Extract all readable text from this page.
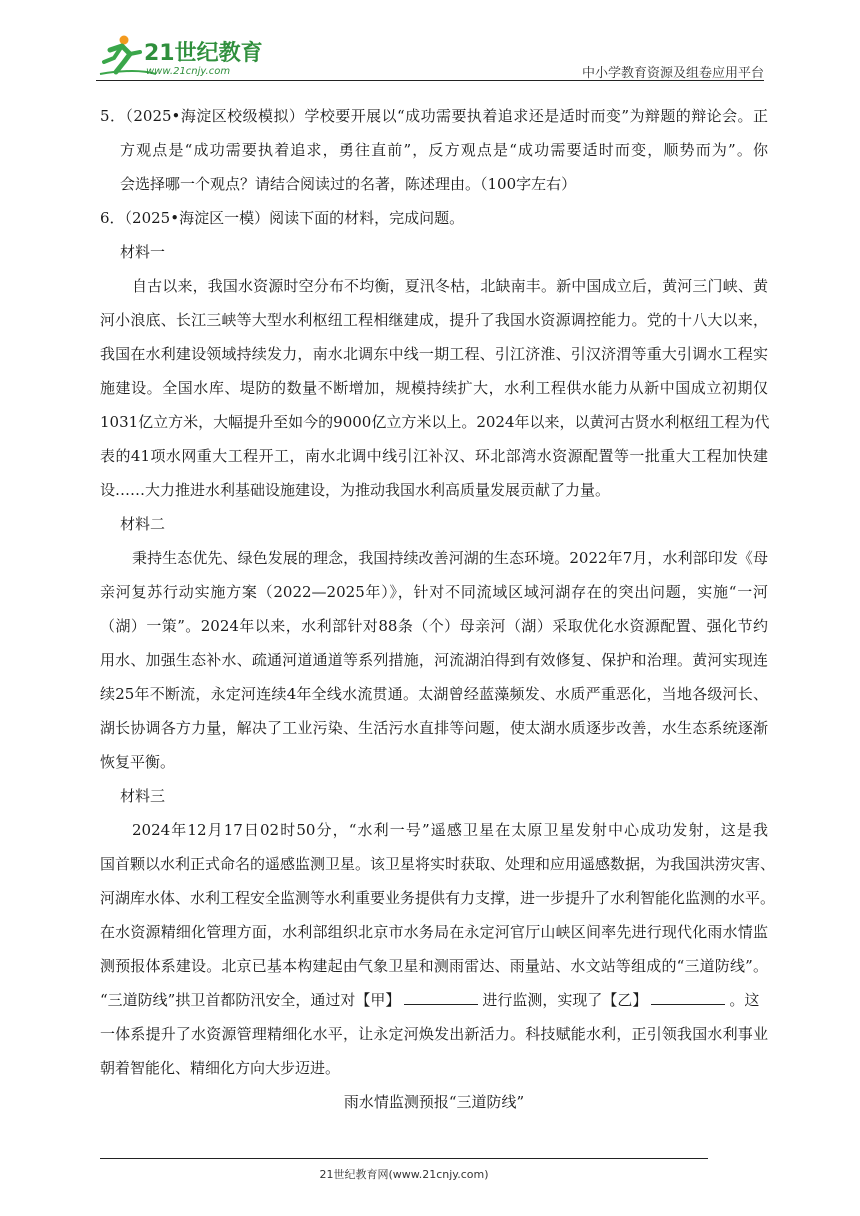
21世纪教育
www.21cnjy.com	中小学教育资源及组卷应用平台
5．（2025•海淀区校级模拟）学校要开展以“成功需要执着追求还是适时而变”为辩题的辩论会。正
方观点是“成功需要执着追求，勇往直前”，反方观点是“成功需要适时而变，顺势而为”。你
会选择哪一个观点？请结合阅读过的名著，陈述理由。（100字左右）
6．（2025•海淀区一模）阅读下面的材料，完成问题。
材料一
自古以来，我国水资源时空分布不均衡，夏汛冬枯，北缺南丰。新中国成立后，黄河三门峡、黄
河小浪底、长江三峡等大型水利枢纽工程相继建成，提升了我国水资源调控能力。党的十八大以来，
我国在水利建设领域持续发力，南水北调东中线一期工程、引江济淮、引汉济渭等重大引调水工程实
施建设。全国水库、堤防的数量不断增加，规模持续扩大，水利工程供水能力从新中国成立初期仅
1031亿立方米，大幅提升至如今的9000亿立方米以上。2024年以来，以黄河古贤水利枢纽工程为代
表的41项水网重大工程开工，南水北调中线引江补汉、环北部湾水资源配置等一批重大工程加快建
设……大力推进水利基础设施建设，为推动我国水利高质量发展贡献了力量。
材料二
秉持生态优先、绿色发展的理念，我国持续改善河湖的生态环境。2022年7月，水利部印发《母
亲河复苏行动实施方案（2022—2025年）》，针对不同流域区域河湖存在的突出问题，实施“一河
（湖）一策”。2024年以来，水利部针对88条（个）母亲河（湖）采取优化水资源配置、强化节约
用水、加强生态补水、疏通河道通道等系列措施，河流湖泊得到有效修复、保护和治理。黄河实现连
续25年不断流，永定河连续4年全线水流贯通。太湖曾经蓝藻频发、水质严重恶化，当地各级河长、
湖长协调各方力量，解决了工业污染、生活污水直排等问题，使太湖水质逐步改善，水生态系统逐渐
恢复平衡。
材料三
2024年12月17日02时50分，“水利一号”遥感卫星在太原卫星发射中心成功发射，这是我
国首颗以水利正式命名的遥感监测卫星。该卫星将实时获取、处理和应用遥感数据，为我国洪涝灾害、
河湖库水体、水利工程安全监测等水利重要业务提供有力支撑，进一步提升了水利智能化监测的水平。
在水资源精细化管理方面，水利部组织北京市水务局在永定河官厅山峡区间率先进行现代化雨水情监
测预报体系建设。北京已基本构建起由气象卫星和测雨雷达、雨量站、水文站等组成的“三道防线”。
“三道防线”拱卫首都防汛安全，通过对【甲】	进行监测，实现了【乙】	。这
一体系提升了水资源管理精细化水平，让永定河焕发出新活力。科技赋能水利，正引领我国水利事业
朝着智能化、精细化方向大步迈进。
雨水情监测预报“三道防线”
21世纪教育网(www.21cnjy.com)
